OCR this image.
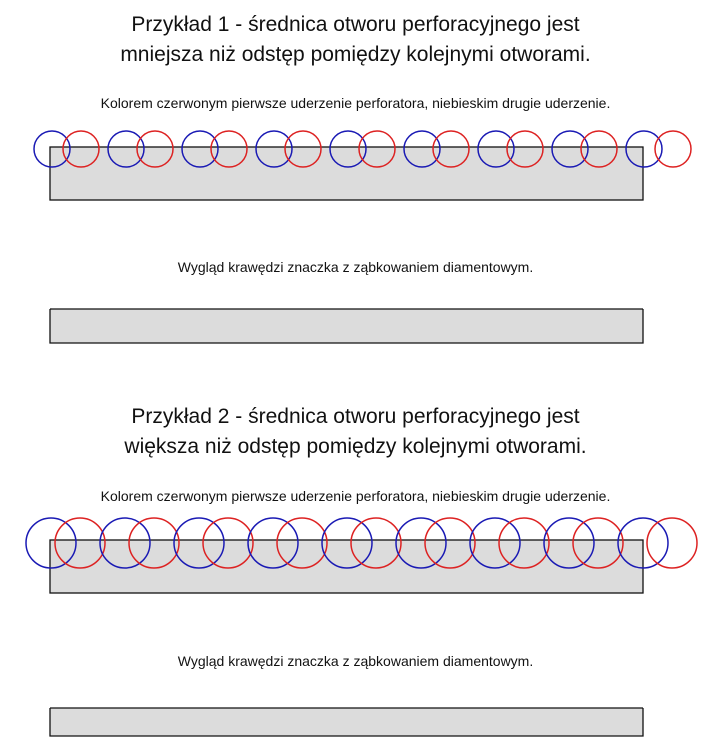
Przykład 1 - średnica otworu perforacyjnego jest
mniejsza niż odstęp pomiędzy kolejnymi otworami.

Kolorem czerwonym pierwsze uderzenie perforatora, niebieskim drugie uderzenie.

Wygląd krawędzi znaczka z ząbkowaniem diamentowym.

Przykład 2 - średnica otworu perforacyjnego jest
większa niż odstęp pomiędzy kolejnymi otworami.

Kolorem czerwonym pierwsze uderzenie perforatora, niebieskim drugie uderzenie.

Wygląd krawędzi znaczka z ząbkowaniem diamentowym.
